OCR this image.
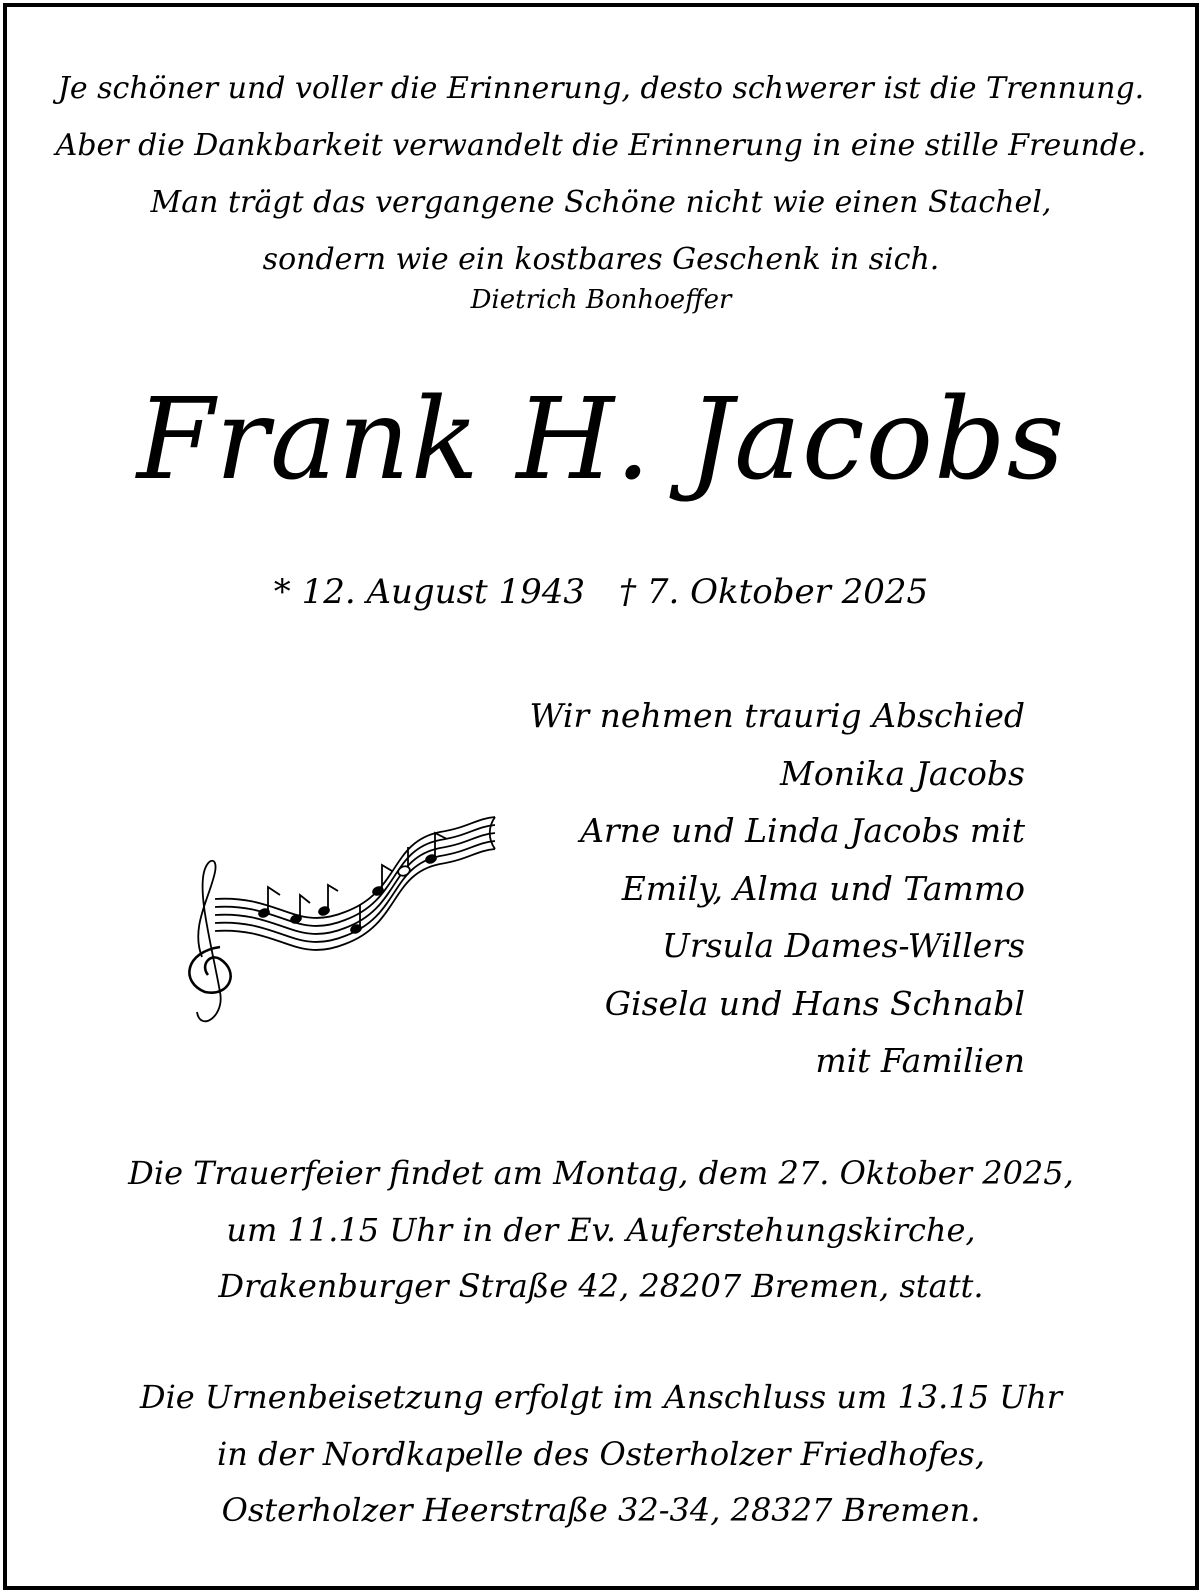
Je schöner und voller die Erinnerung, desto schwerer ist die Trennung.
Aber die Dankbarkeit verwandelt die Erinnerung in eine stille Freunde.
Man trägt das vergangene Schöne nicht wie einen Stachel,
sondern wie ein kostbares Geschenk in sich.
Dietrich Bonhoeffer
Frank H. Jacobs
* 12. August 1943 † 7. Oktober 2025
Wir nehmen traurig Abschied
Monika Jacobs
Arne und Linda Jacobs mit
Emily, Alma und Tammo
Ursula Dames-Willers
Gisela und Hans Schnabl
mit Familien
Die Trauerfeier findet am Montag, dem 27. Oktober 2025,
um 11.15 Uhr in der Ev. Auferstehungskirche,
Drakenburger Straße 42, 28207 Bremen, statt.
Die Urnenbeisetzung erfolgt im Anschluss um 13.15 Uhr
in der Nordkapelle des Osterholzer Friedhofes,
Osterholzer Heerstraße 32-34, 28327 Bremen.
